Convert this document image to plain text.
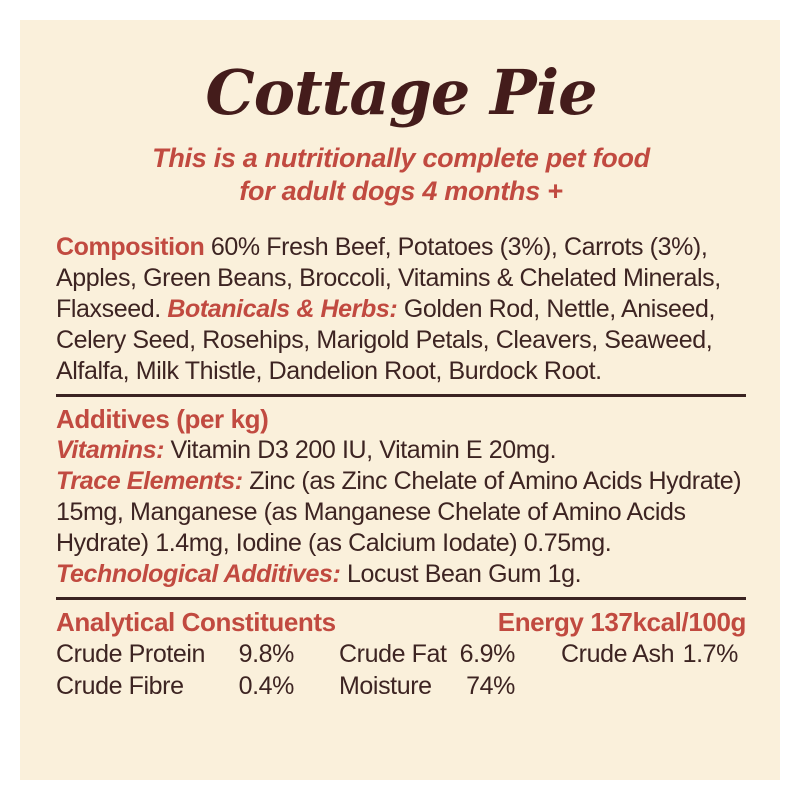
Cottage Pie
This is a nutritionally complete pet food
for adult dogs 4 months +

Composition 60% Fresh Beef, Potatoes (3%), Carrots (3%), Apples, Green Beans, Broccoli, Vitamins & Chelated Minerals, Flaxseed. Botanicals & Herbs: Golden Rod, Nettle, Aniseed, Celery Seed, Rosehips, Marigold Petals, Cleavers, Seaweed, Alfalfa, Milk Thistle, Dandelion Root, Burdock Root.

Additives (per kg)

Vitamins: Vitamin D3 200 IU, Vitamin E 20mg.

Trace Elements: Zinc (as Zinc Chelate of Amino Acids Hydrate) 15mg, Manganese (as Manganese Chelate of Amino Acids Hydrate) 1.4mg, Iodine (as Calcium Iodate) 0.75mg.

Technological Additives: Locust Bean Gum 1g.

Analytical Constituents	Energy 137kcal/100g
Crude Protein 9.8% Crude Fat 6.9% Crude Ash 1.7%
Crude Fibre 0.4% Moisture 74%
